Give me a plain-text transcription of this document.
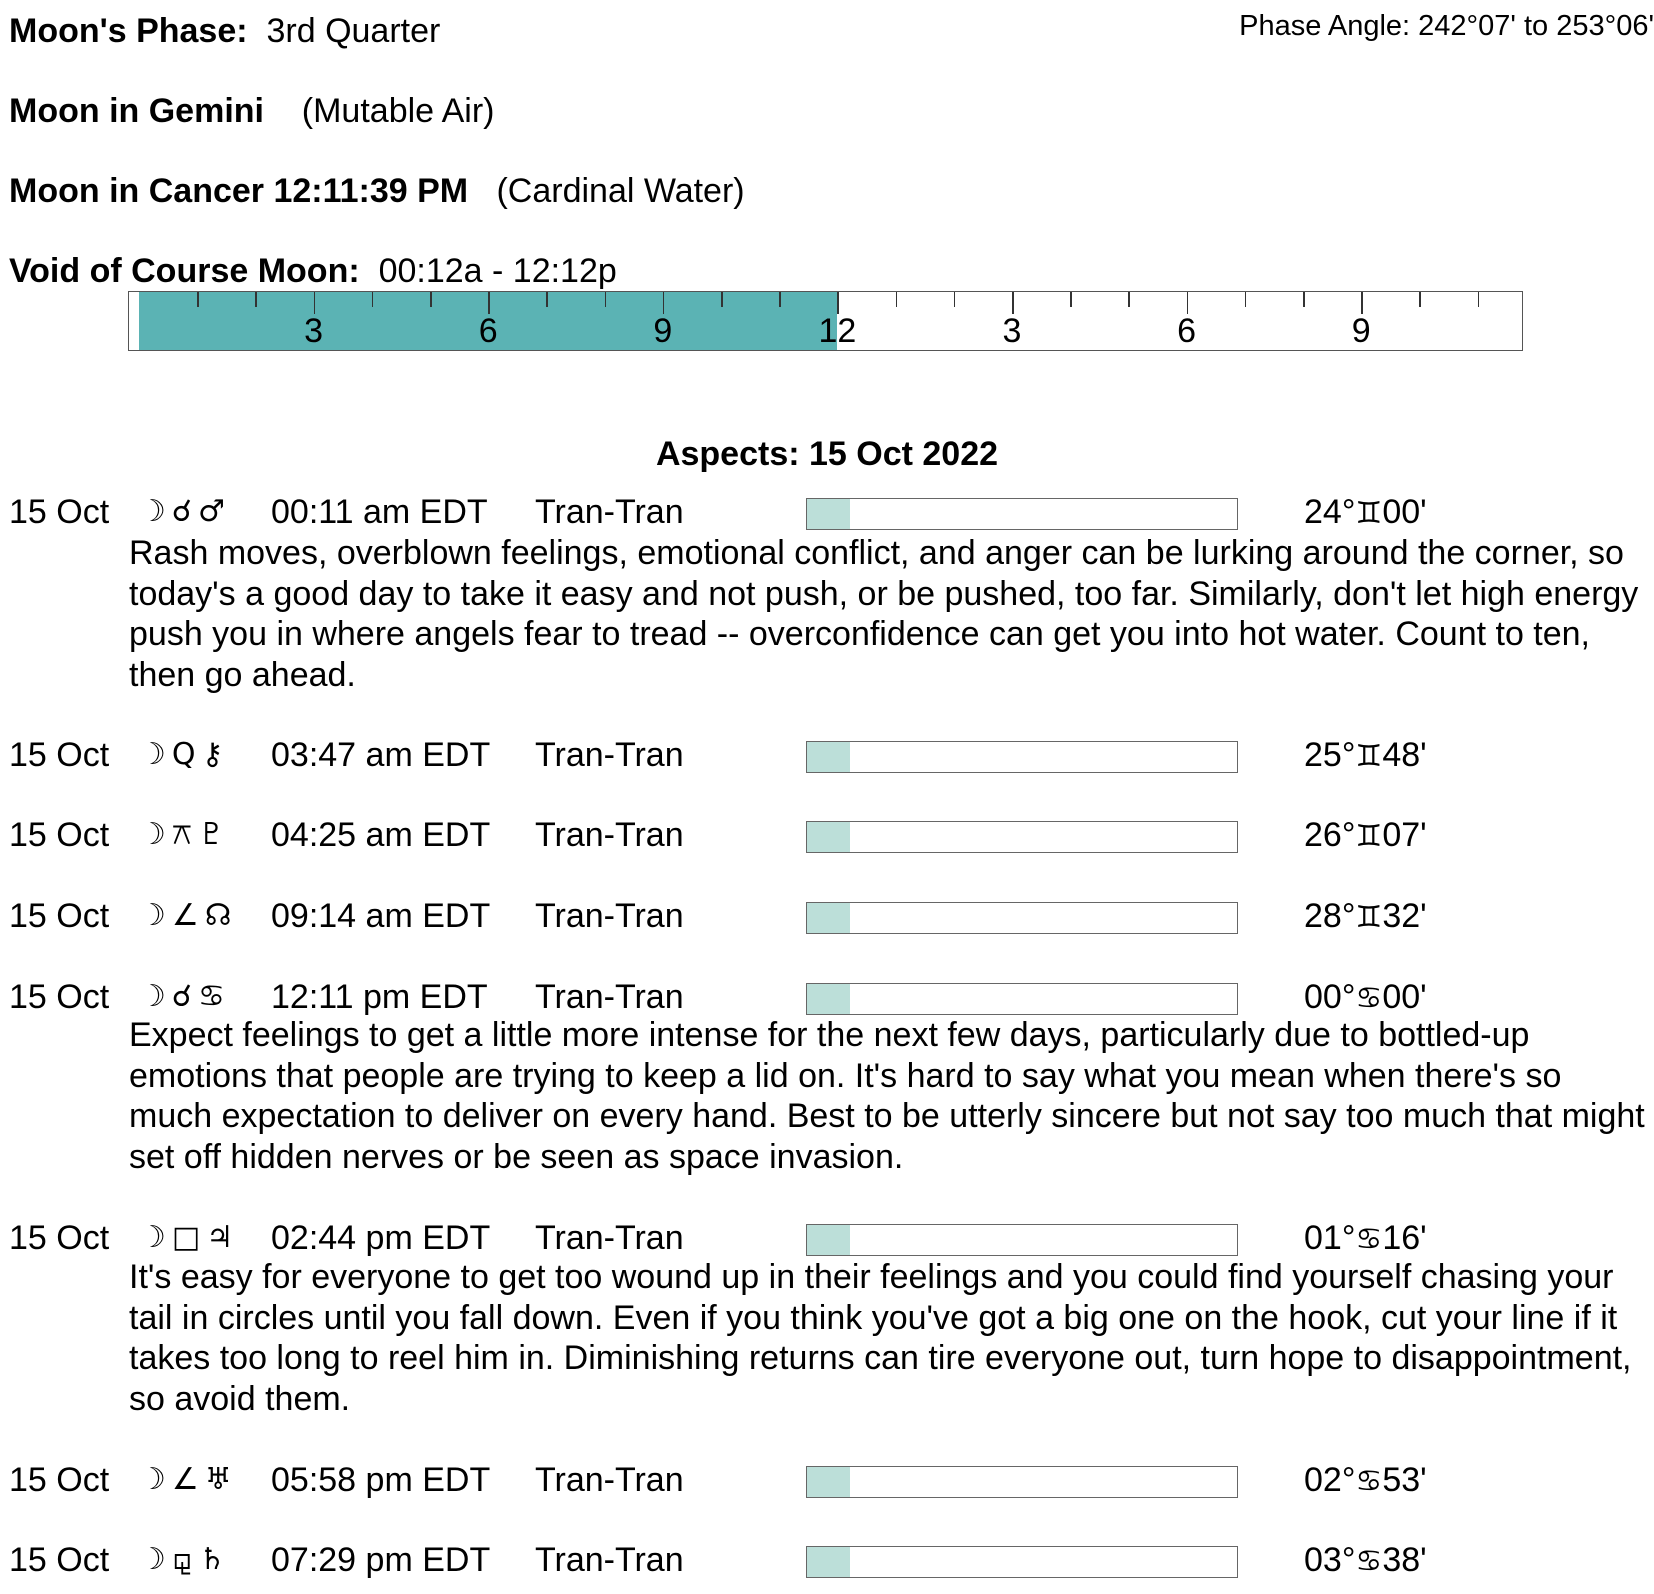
Moon's Phase: 3rd Quarter	Phase Angle: 242°07' to 253°06'
Moon in Gemini (Mutable Air)
Moon in Cancer 12:11:39 PM (Cardinal Water)
Void of Course Moon: 00:12a - 12:12p
3	6	9	12	3	6	9
Aspects: 15 Oct 2022
15 Oct ☽☌♂ 00:11 am EDT Tran-Tran	24°♊00'
Rash moves, overblown feelings, emotional conflict, and anger can be lurking around the corner, so today's a good day to take it easy and not push, or be pushed, too far. Similarly, don't let high energy push you in where angels fear to tread -- overconfidence can get you into hot water. Count to ten, then go ahead.
15 Oct ☽Q⚷ 03:47 am EDT Tran-Tran	25°♊48'
15 Oct ☽⚻♇ 04:25 am EDT Tran-Tran	26°♊07'
15 Oct ☽∠☊ 09:14 am EDT Tran-Tran	28°♊32'
15 Oct ☽☌♋ 12:11 pm EDT Tran-Tran	00°♋00'
Expect feelings to get a little more intense for the next few days, particularly due to bottled-up emotions that people are trying to keep a lid on. It's hard to say what you mean when there's so much expectation to deliver on every hand. Best to be utterly sincere but not say too much that might set off hidden nerves or be seen as space invasion.
15 Oct ☽□♃ 02:44 pm EDT Tran-Tran	01°♋16'
It's easy for everyone to get too wound up in their feelings and you could find yourself chasing your tail in circles until you fall down. Even if you think you've got a big one on the hook, cut your line if it takes too long to reel him in. Diminishing returns can tire everyone out, turn hope to disappointment, so avoid them.
15 Oct ☽∠♅ 05:58 pm EDT Tran-Tran	02°♋53'
15 Oct ☽⚼♄ 07:29 pm EDT Tran-Tran	03°♋38'
